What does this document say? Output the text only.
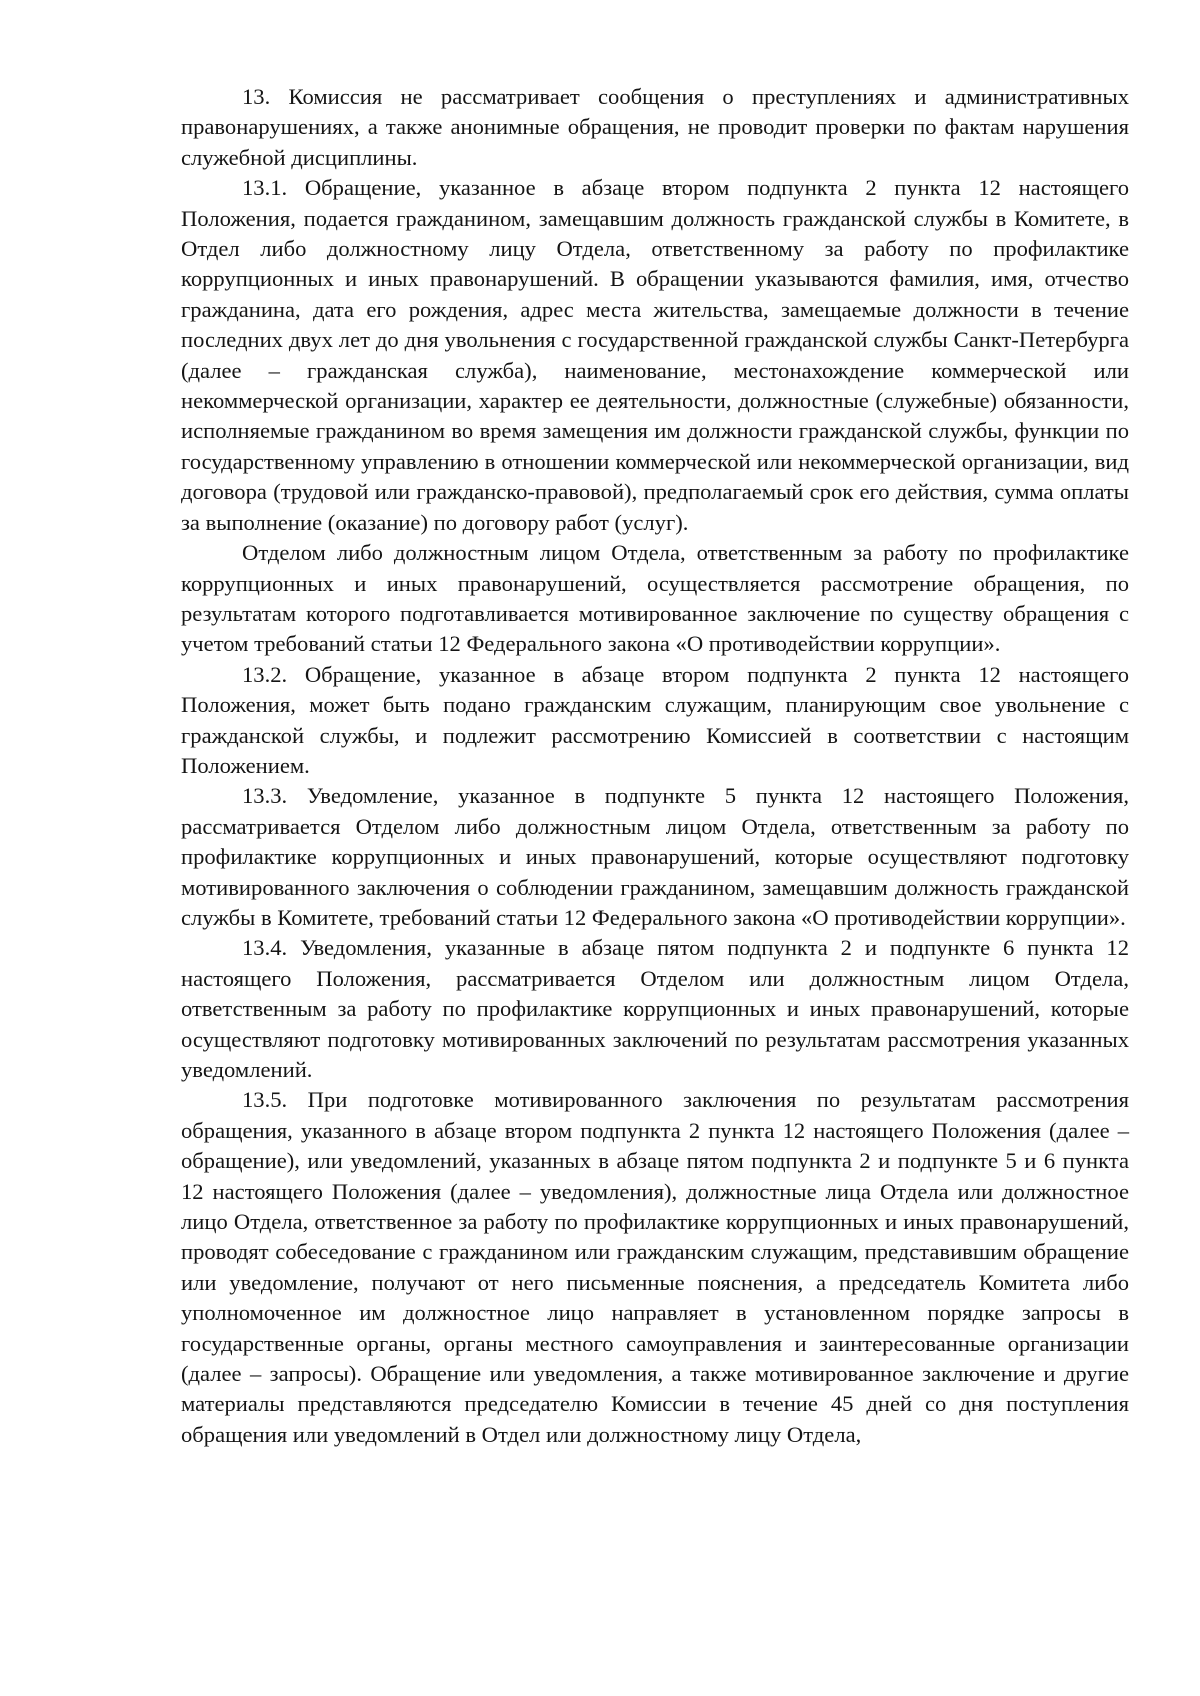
13. Комиссия не рассматривает сообщения о преступлениях и административных правонарушениях, а также анонимные обращения, не проводит проверки по фактам нарушения служебной дисциплины.

13.1. Обращение, указанное в абзаце втором подпункта 2 пункта 12 настоящего Положения, подается гражданином, замещавшим должность гражданской службы в Комитете, в Отдел либо должностному лицу Отдела, ответственному за работу по профилактике коррупционных и иных правонарушений. В обращении указываются фамилия, имя, отчество гражданина, дата его рождения, адрес места жительства, замещаемые должности в течение последних двух лет до дня увольнения с государственной гражданской службы Санкт-Петербурга (далее – гражданская служба), наименование, местонахождение коммерческой или некоммерческой организации, характер ее деятельности, должностные (служебные) обязанности, исполняемые гражданином во время замещения им должности гражданской службы, функции по государственному управлению в отношении коммерческой или некоммерческой организации, вид договора (трудовой или гражданско-правовой), предполагаемый срок его действия, сумма оплаты за выполнение (оказание) по договору работ (услуг).

Отделом либо должностным лицом Отдела, ответственным за работу по профилактике коррупционных и иных правонарушений, осуществляется рассмотрение обращения, по результатам которого подготавливается мотивированное заключение по существу обращения с учетом требований статьи 12 Федерального закона «О противодействии коррупции».

13.2. Обращение, указанное в абзаце втором подпункта 2 пункта 12 настоящего Положения, может быть подано гражданским служащим, планирующим свое увольнение с гражданской службы, и подлежит рассмотрению Комиссией в соответствии с настоящим Положением.

13.3. Уведомление, указанное в подпункте 5 пункта 12 настоящего Положения, рассматривается Отделом либо должностным лицом Отдела, ответственным за работу по профилактике коррупционных и иных правонарушений, которые осуществляют подготовку мотивированного заключения о соблюдении гражданином, замещавшим должность гражданской службы в Комитете, требований статьи 12 Федерального закона «О противодействии коррупции».

13.4. Уведомления, указанные в абзаце пятом подпункта 2 и подпункте 6 пункта 12 настоящего Положения, рассматривается Отделом или должностным лицом Отдела, ответственным за работу по профилактике коррупционных и иных правонарушений, которые осуществляют подготовку мотивированных заключений по результатам рассмотрения указанных уведомлений.

13.5. При подготовке мотивированного заключения по результатам рассмотрения обращения, указанного в абзаце втором подпункта 2 пункта 12 настоящего Положения (далее – обращение), или уведомлений, указанных в абзаце пятом подпункта 2 и подпункте 5 и 6 пункта 12 настоящего Положения (далее – уведомления), должностные лица Отдела или должностное лицо Отдела, ответственное за работу по профилактике коррупционных и иных правонарушений, проводят собеседование с гражданином или гражданским служащим, представившим обращение или уведомление, получают от него письменные пояснения, а председатель Комитета либо уполномоченное им должностное лицо направляет в установленном порядке запросы в государственные органы, органы местного самоуправления и заинтересованные организации (далее – запросы). Обращение или уведомления, а также мотивированное заключение и другие материалы представляются председателю Комиссии в течение 45 дней со дня поступления обращения или уведомлений в Отдел или должностному лицу Отдела,
